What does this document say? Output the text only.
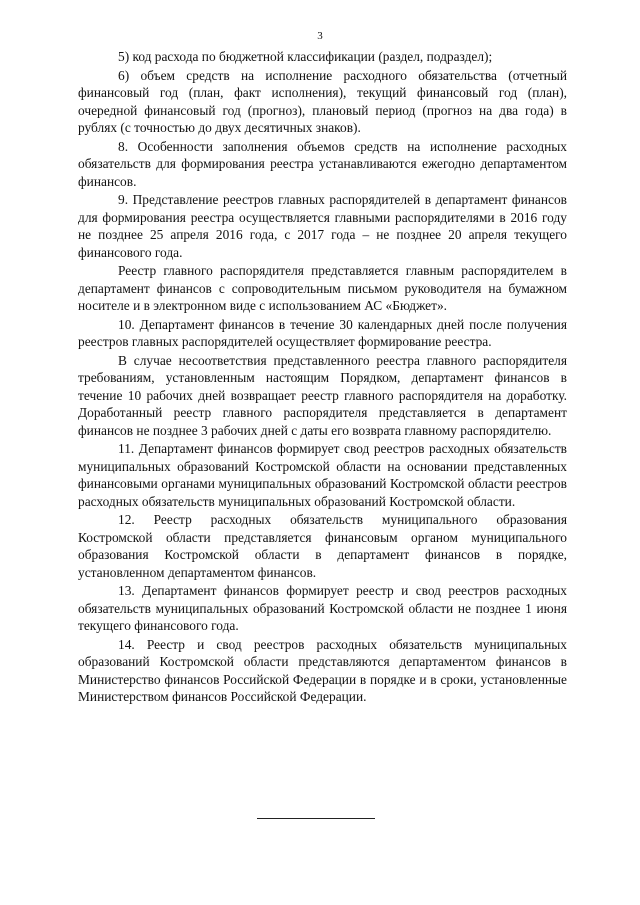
3

5) код расхода по бюджетной классификации (раздел, подраздел);

6) объем средств на исполнение расходного обязательства (отчетный финансовый год (план, факт исполнения), текущий финансовый год (план), очередной финансовый год (прогноз), плановый период (прогноз на два года) в рублях (с точностью до двух десятичных знаков).

8. Особенности заполнения объемов средств на исполнение расходных обязательств для формирования реестра устанавливаются ежегодно департаментом финансов.

9. Представление реестров главных распорядителей в департамент финансов для формирования реестра осуществляется главными распорядителями в 2016 году не позднее 25 апреля 2016 года, с 2017 года – не позднее 20 апреля текущего финансового года.

Реестр главного распорядителя представляется главным распорядителем в департамент финансов с сопроводительным письмом руководителя на бумажном носителе и в электронном виде с использованием АС «Бюджет».

10. Департамент финансов в течение 30 календарных дней после получения реестров главных распорядителей осуществляет формирование реестра.

В случае несоответствия представленного реестра главного распорядителя требованиям, установленным настоящим Порядком, департамент финансов в течение 10 рабочих дней возвращает реестр главного распорядителя на доработку. Доработанный реестр главного распорядителя представляется в департамент финансов не позднее 3 рабочих дней с даты его возврата главному распорядителю.

11. Департамент финансов формирует свод реестров расходных обязательств муниципальных образований Костромской области на основании представленных финансовыми органами муниципальных образований Костромской области реестров расходных обязательств муниципальных образований Костромской области.

12. Реестр расходных обязательств муниципального образования Костромской области представляется финансовым органом муниципального образования Костромской области в департамент финансов в порядке, установленном департаментом финансов.

13. Департамент финансов формирует реестр и свод реестров расходных обязательств муниципальных образований Костромской области не позднее 1 июня текущего финансового года.

14. Реестр и свод реестров расходных обязательств муниципальных образований Костромской области представляются департаментом финансов в Министерство финансов Российской Федерации в порядке и в сроки, установленные Министерством финансов Российской Федерации.
